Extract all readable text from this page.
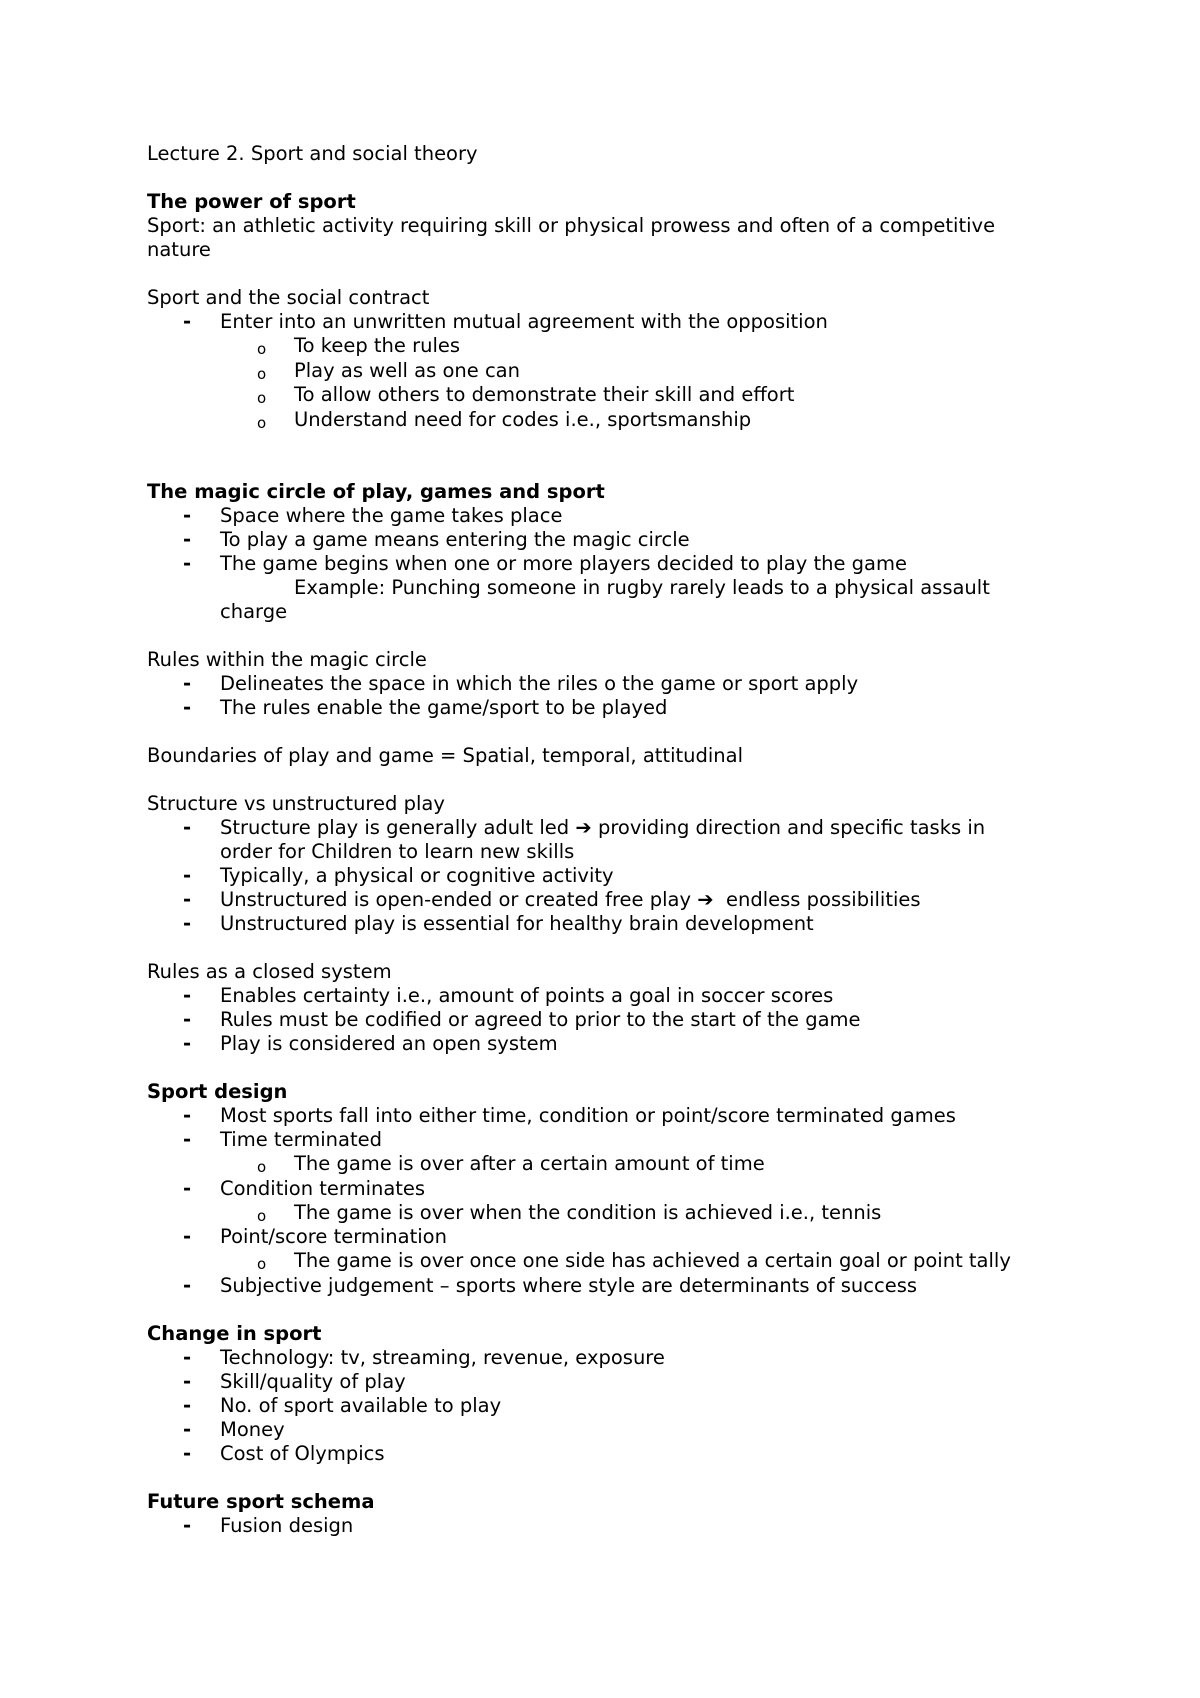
Lecture 2. Sport and social theory
The power of sport
Sport: an athletic activity requiring skill or physical prowess and often of a competitive
nature
Sport and the social contract
- Enter into an unwritten mutual agreement with the opposition
o To keep the rules
o Play as well as one can
o To allow others to demonstrate their skill and effort
o Understand need for codes i.e., sportsmanship
The magic circle of play, games and sport
- Space where the game takes place
- To play a game means entering the magic circle
- The game begins when one or more players decided to play the game
Example: Punching someone in rugby rarely leads to a physical assault
charge
Rules within the magic circle
- Delineates the space in which the riles o the game or sport apply
- The rules enable the game/sport to be played
Boundaries of play and game = Spatial, temporal, attitudinal
Structure vs unstructured play
- Structure play is generally adult led ➔ providing direction and specific tasks in
order for Children to learn new skills
- Typically, a physical or cognitive activity
- Unstructured is open-ended or created free play ➔ endless possibilities
- Unstructured play is essential for healthy brain development
Rules as a closed system
- Enables certainty i.e., amount of points a goal in soccer scores
- Rules must be codified or agreed to prior to the start of the game
- Play is considered an open system
Sport design
- Most sports fall into either time, condition or point/score terminated games
- Time terminated
o The game is over after a certain amount of time
- Condition terminates
o The game is over when the condition is achieved i.e., tennis
- Point/score termination
o The game is over once one side has achieved a certain goal or point tally
- Subjective judgement – sports where style are determinants of success
Change in sport
- Technology: tv, streaming, revenue, exposure
- Skill/quality of play
- No. of sport available to play
- Money
- Cost of Olympics
Future sport schema
- Fusion design
